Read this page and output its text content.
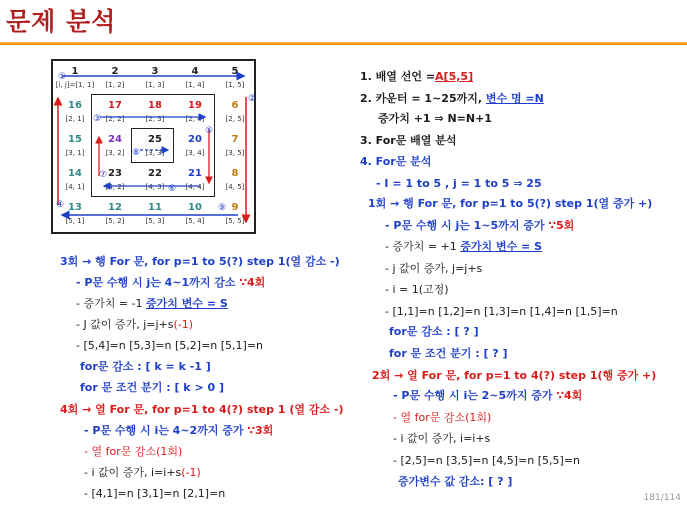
문제 분석
1
[i, j]=[1, 1]
2
[1, 2]
3
[1, 3]
4
[1, 4]
5
[1, 5]
16
[2, 1]
17
[2, 2]
18
[2, 3]
19
[2, 4]
6
[2, 5]
15
[3, 1]
24
[3, 2]
25
[3, 3]
20
[3, 4]
7
[3, 5]
14
[4, 1]
23
[4, 2]
22
[4, 3]
21
[4, 4]
8
[4, 5]
13
[5, 1]
12
[5, 2]
11
[5, 3]
10
[5, 4]
9
[5, 5]
①
②
③
④
⑤
⑥
⑦
⑧
⑨
1. 배열 선언 =A[5,5]
2. 카운터 = 1~25까지, 변수 명 =N
증가치 +1 ⇒ N=N+1
3. For문 배열 분석
4. For문 분석
- I = 1 to 5 , j = 1 to 5 ⇒ 25
1회 → 행 For 문, for p=1 to 5(?) step 1(열 증가 +)
- P문 수행 시 j는 1~5까지 증가 ∵5회
- 증가치 = +1 증가치 변수 = S
- j 값이 증가, j=j+s
- i = 1(고정)
- [1,1]=n [1,2]=n [1,3]=n [1,4]=n [1,5]=n
for문 감소 : [ ? ]
for 문 조건 분기 : [ ? ]
2회 → 열 For 문, for p=1 to 4(?) step 1(행 증가 +)
- P문 수행 시 i는 2~5까지 증가 ∵4회
- 열 for문 감소(1회)
- i 값이 증가, i=i+s
- [2,5]=n [3,5]=n [4,5]=n [5,5]=n
증가변수 값 감소: [ ? ]
3회 → 행 For 문, for p=1 to 5(?) step 1(열 감소 -)
- P문 수행 시 j는 4~1까지 감소 ∵4회
- 증가치 = -1 증가치 변수 = S
- J 값이 증가, j=j+s(-1)
- [5,4]=n [5,3]=n [5,2]=n [5,1]=n
for문 감소 : [ k = k -1 ]
for 문 조건 분기 : [ k > 0 ]
4회 → 열 For 문, for p=1 to 4(?) step 1 (열 감소 -)
- P문 수행 시 i는 4~2까지 증가 ∵3회
- 열 for문 감소(1회)
- i 값이 증가, i=i+s(-1)
- [4,1]=n [3,1]=n [2,1]=n	181/114
